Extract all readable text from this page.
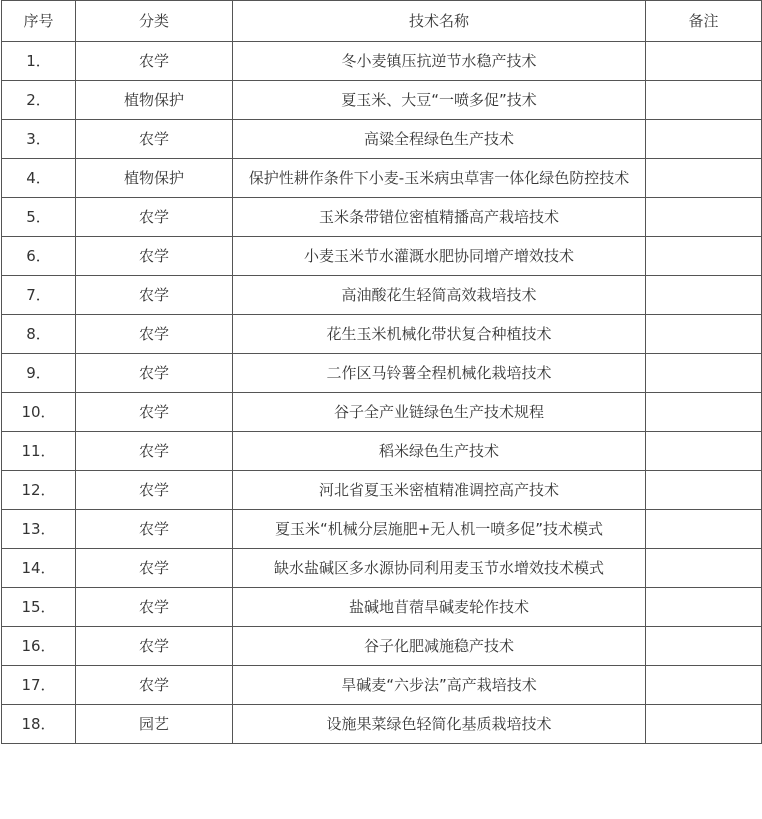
序号	分类	技术名称	备注
1．	农学	冬小麦镇压抗逆节水稳产技术	
2．	植物保护	夏玉米、大豆“一喷多促”技术	
3．	农学	高粱全程绿色生产技术	
4．	植物保护	保护性耕作条件下小麦-玉米病虫草害一体化绿色防控技术	
5．	农学	玉米条带错位密植精播高产栽培技术	
6．	农学	小麦玉米节水灌溉水肥协同增产增效技术	
7．	农学	高油酸花生轻简高效栽培技术	
8．	农学	花生玉米机械化带状复合种植技术	
9．	农学	二作区马铃薯全程机械化栽培技术	
10．	农学	谷子全产业链绿色生产技术规程	
11．	农学	稻米绿色生产技术	
12．	农学	河北省夏玉米密植精准调控高产技术	
13．	农学	夏玉米“机械分层施肥+无人机一喷多促”技术模式	
14．	农学	缺水盐碱区多水源协同利用麦玉节水增效技术模式	
15．	农学	盐碱地苜蓿旱碱麦轮作技术	
16．	农学	谷子化肥减施稳产技术	
17．	农学	旱碱麦“六步法”高产栽培技术	
18．	园艺	设施果菜绿色轻简化基质栽培技术	
